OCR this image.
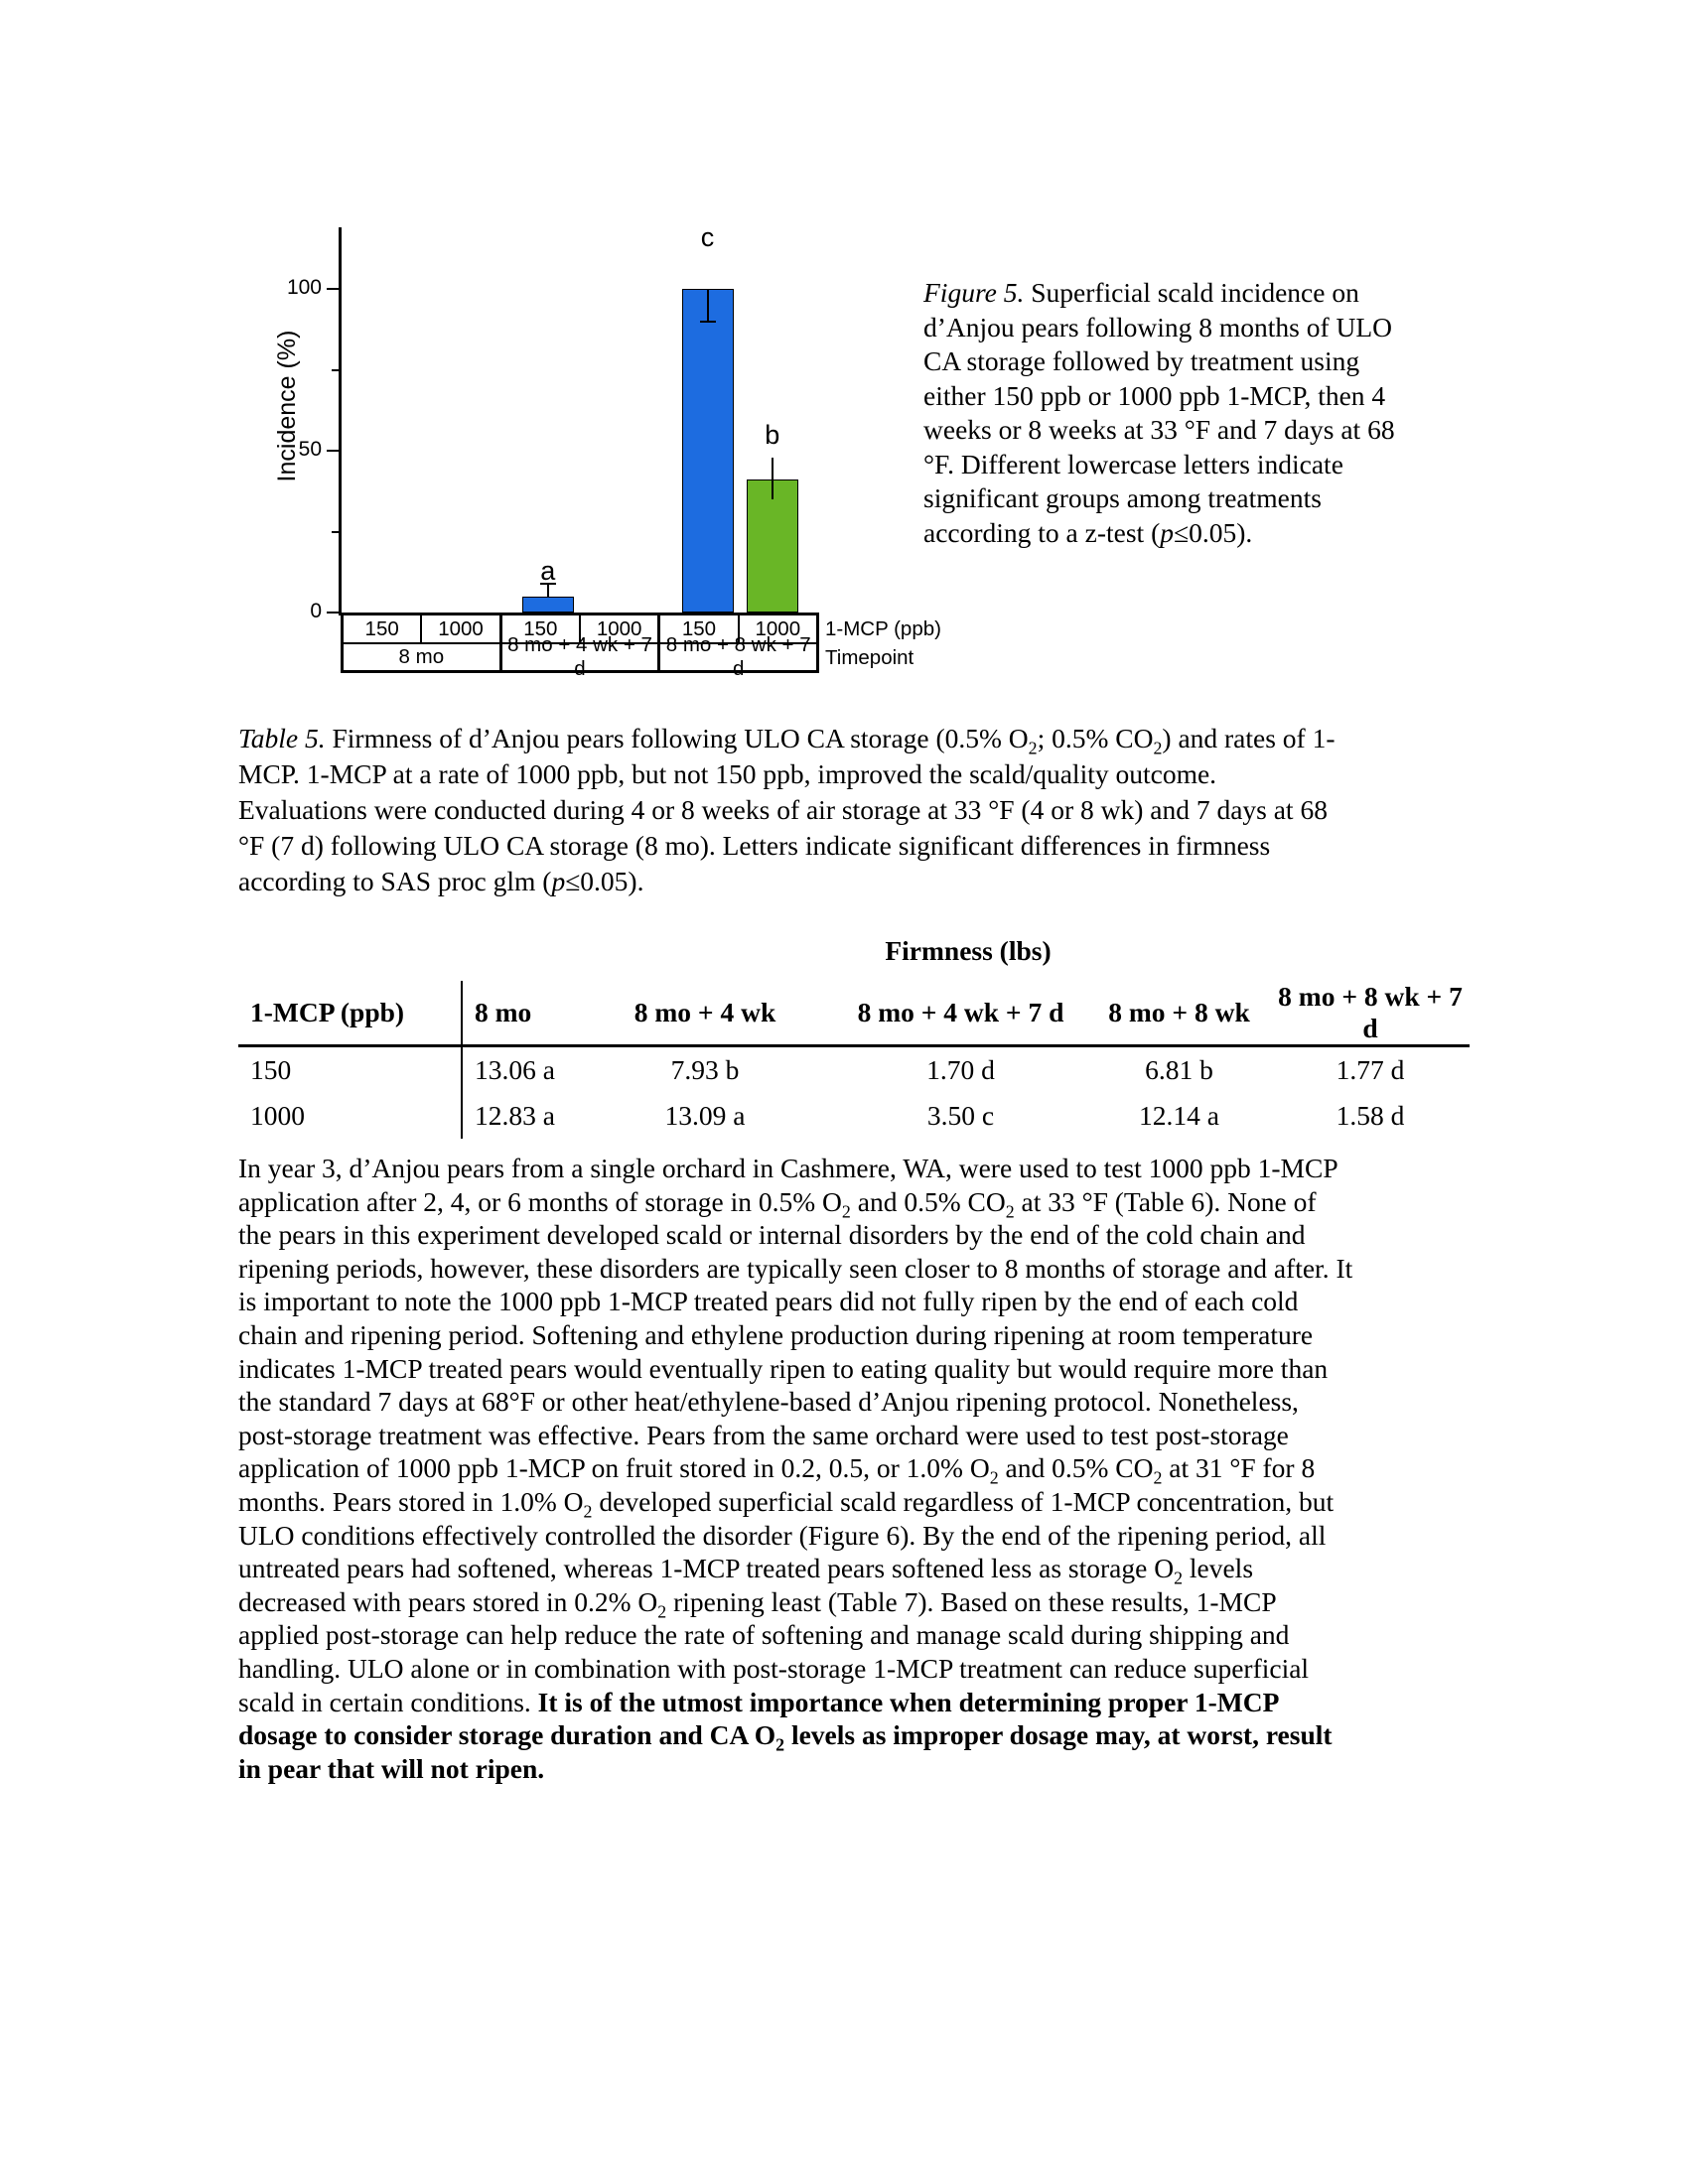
Incidence (%)
0
50
100
a
c
b
150	1000	150	1000	150	1000
8 mo
8 mo + 4 wk + 7 d
8 mo + 8 wk + 7 d
1-MCP (ppb)
Timepoint
Figure 5. Superficial scald incidence on
d’Anjou pears following 8 months of ULO
CA storage followed by treatment using
either 150 ppb or 1000 ppb 1-MCP, then 4
weeks or 8 weeks at 33 °F and 7 days at 68
°F. Different lowercase letters indicate
significant groups among treatments
according to a z-test (p≤0.05).
Table 5. Firmness of d’Anjou pears following ULO CA storage (0.5% $O_2$; 0.5% $CO_2$) and rates of 1-
MCP. 1-MCP at a rate of 1000 ppb, but not 150 ppb, improved the scald/quality outcome.
Evaluations were conducted during 4 or 8 weeks of air storage at 33 °F (4 or 8 wk) and 7 days at 68
°F (7 d) following ULO CA storage (8 mo). Letters indicate significant differences in firmness
according to SAS proc glm (p≤0.05).
Firmness (lbs)
1-MCP (ppb)	8 mo	8 mo + 4 wk	8 mo + 4 wk + 7 d	8 mo + 8 wk	8 mo + 8 wk + 7 d
150	13.06 a	7.93 b	1.70 d	6.81 b	1.77 d
1000	12.83 a	13.09 a	3.50 c	12.14 a	1.58 d
In year 3, d’Anjou pears from a single orchard in Cashmere, WA, were used to test 1000 ppb 1-MCP
application after 2, 4, or 6 months of storage in 0.5% $O_2$ and 0.5% $CO_2$ at 33 °F (Table 6). None of
the pears in this experiment developed scald or internal disorders by the end of the cold chain and
ripening periods, however, these disorders are typically seen closer to 8 months of storage and after. It
is important to note the 1000 ppb 1-MCP treated pears did not fully ripen by the end of each cold
chain and ripening period. Softening and ethylene production during ripening at room temperature
indicates 1-MCP treated pears would eventually ripen to eating quality but would require more than
the standard 7 days at 68°F or other heat/ethylene-based d’Anjou ripening protocol. Nonetheless,
post-storage treatment was effective. Pears from the same orchard were used to test post-storage
application of 1000 ppb 1-MCP on fruit stored in 0.2, 0.5, or 1.0% $O_2$ and 0.5% $CO_2$ at 31 °F for 8
months. Pears stored in 1.0% $O_2$ developed superficial scald regardless of 1-MCP concentration, but
ULO conditions effectively controlled the disorder (Figure 6). By the end of the ripening period, all
untreated pears had softened, whereas 1-MCP treated pears softened less as storage $O_2$ levels
decreased with pears stored in 0.2% $O_2$ ripening least (Table 7). Based on these results, 1-MCP
applied post-storage can help reduce the rate of softening and manage scald during shipping and
handling. ULO alone or in combination with post-storage 1-MCP treatment can reduce superficial
scald in certain conditions. It is of the utmost importance when determining proper 1-MCP
dosage to consider storage duration and CA $O_2$ levels as improper dosage may, at worst, result
in pear that will not ripen.
